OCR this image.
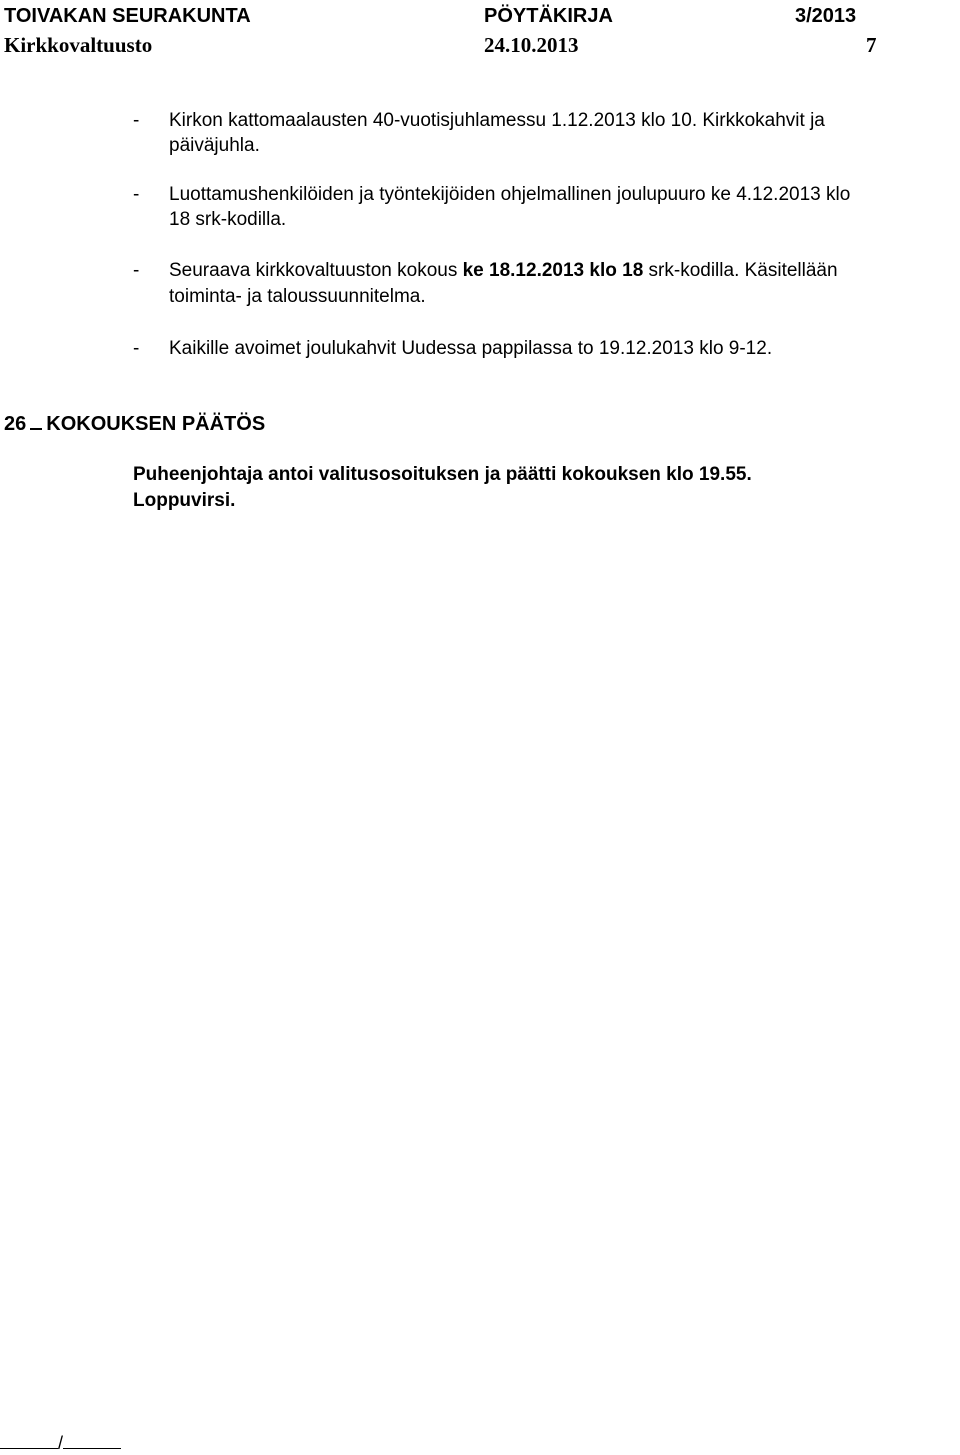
TOIVAKAN SEURAKUNTA	PÖYTÄKIRJA	3/2013
Kirkkovaltuusto	24.10.2013	7
- Kirkon kattomaalausten 40-vuotisjuhlamessu 1.12.2013 klo 10. Kirkkokahvit ja
päiväjuhla.
- Luottamushenkilöiden ja työntekijöiden ohjelmallinen joulupuuro ke 4.12.2013 klo
18 srk-kodilla.
- Seuraava kirkkovaltuuston kokous ke 18.12.2013 klo 18 srk-kodilla. Käsitellään
toiminta- ja taloussuunnitelma.
- Kaikille avoimet joulukahvit Uudessa pappilassa to 19.12.2013 klo 9-12.
26 KOKOUKSEN PÄÄTÖS
Puheenjohtaja antoi valitusosoituksen ja päätti kokouksen klo 19.55.
Loppuvirsi.
/
